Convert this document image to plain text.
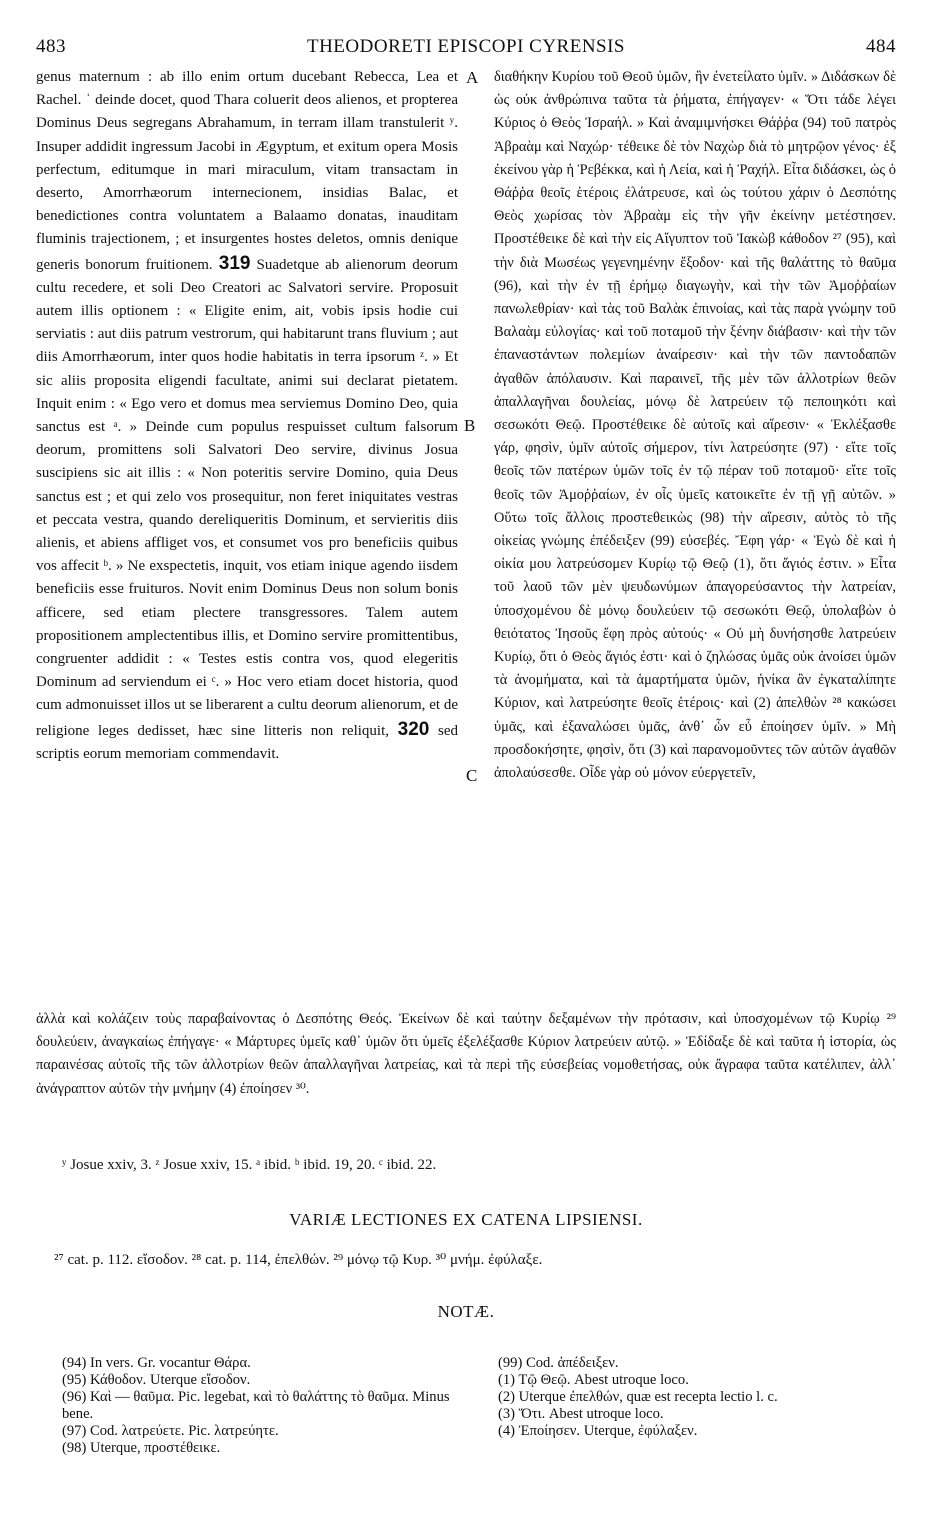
483	THEODORETI EPISCOPI CYRENSIS	484
genus maternum : ab illo enim ortum ducebant Rebecca, Lea et Rachel. ˈ deinde docet, quod Thara coluerit deos alienos, et propterea Dominus Deus segregans Abrahamum, in terram illam transtulerit ʸ. Insuper addidit ingressum Jacobi in Ægyptum, et exitum opera Mosis perfectum, editumque in mari miraculum, vitam transactam in deserto, Amorrhæorum internecionem, insidias Balac, et benedictiones contra voluntatem a Balaamo donatas, inauditam fluminis trajectionem, ; et insurgentes hostes deletos, omnis denique generis bonorum fruitionem. 319 Suadetque ab alienorum deorum cultu recedere, et soli Deo Creatori ac Salvatori servire. Proposuit autem illis optionem : « Eligite enim, ait, vobis ipsis hodie cui serviatis : aut diis patrum vestrorum, qui habitarunt trans fluvium ; aut diis Amorrhæorum, inter quos hodie habitatis in terra ipsorum ᶻ. » Et sic aliis proposita eligendi facultate, animi sui declarat pietatem. Inquit enim : « Ego vero et domus mea serviemus Domino Deo, quia sanctus est ᵃ. » Deinde cum populus respuisset cultum falsorum deorum, promittens soli Salvatori Deo servire, divinus Josua suscipiens sic ait illis : « Non poteritis servire Domino, quia Deus sanctus est ; et qui zelo vos prosequitur, non feret iniquitates vestras et peccata vestra, quando dereliqueritis Dominum, et servieritis diis alienis, et abiens affliget vos, et consumet vos pro beneficiis quibus vos affecit ᵇ. » Ne exspectetis, inquit, vos etiam inique agendo iisdem beneficiis esse fruituros. Novit enim Dominus Deus non solum bonis afficere, sed etiam plectere transgressores. Talem autem propositionem amplectentibus illis, et Domino servire promittentibus, congruenter addidit : « Testes estis contra vos, quod elegeritis Dominum ad serviendum ei ᶜ. » Hoc vero etiam docet historia, quod cum admonuisset illos ut se liberarent a cultu deorum alienorum, et de religione leges dedisset, hæc sine litteris non reliquit, 320 sed scriptis eorum memoriam commendavit.
A
B
C
διαθήκην Κυρίου τοῦ Θεοῦ ὑμῶν, ἣν ἐνετείλατο ὑμῖν. » Διδάσκων δὲ ὡς οὐκ ἀνθρώπινα ταῦτα τὰ ῥήματα, ἐπήγαγεν· « Ὅτι τάδε λέγει Κύριος ὁ Θεὸς Ἰσραήλ. » Καὶ ἀναμιμνήσκει Θάῤῥα (94) τοῦ πατρὸς Ἀβραὰμ καὶ Ναχώρ· τέθεικε δὲ τὸν Ναχὼρ διὰ τὸ μητρῷον γένος· ἐξ ἐκείνου γὰρ ἡ Ῥεβέκκα, καὶ ἡ Λεία, καὶ ἡ Ῥαχήλ. Εἶτα διδάσκει, ὡς ὁ Θάῤῥα θεοῖς ἑτέροις ἐλάτρευσε, καὶ ὡς τούτου χάριν ὁ Δεσπότης Θεὸς χωρίσας τὸν Ἀβραὰμ εἰς τὴν γῆν ἐκείνην μετέστησεν. Προστέθεικε δὲ καὶ τὴν εἰς Αἴγυπτον τοῦ Ἰακὼβ κάθοδον ²⁷ (95), καὶ τὴν διὰ Μωσέως γεγενημένην ἔξοδον· καὶ τῆς θαλάττης τὸ θαῦμα (96), καὶ τὴν ἐν τῇ ἐρήμῳ διαγωγὴν, καὶ τὴν τῶν Ἀμοῤῥαίων πανωλεθρίαν· καὶ τὰς τοῦ Βαλὰκ ἐπινοίας, καὶ τὰς παρὰ γνώμην τοῦ Βαλαὰμ εὐλογίας· καὶ τοῦ ποταμοῦ τὴν ξένην διάβασιν· καὶ τὴν τῶν ἐπαναστάντων πολεμίων ἀναίρεσιν· καὶ τὴν τῶν παντοδαπῶν ἀγαθῶν ἀπόλαυσιν. Καὶ παραινεῖ, τῆς μὲν τῶν ἀλλοτρίων θεῶν ἀπαλλαγῆναι δουλείας, μόνῳ δὲ λατρεύειν τῷ πεποιηκότι καὶ σεσωκότι Θεῷ. Προστέθεικε δὲ αὐτοῖς καὶ αἵρεσιν· « Ἐκλέξασθε γάρ, φησὶν, ὑμῖν αὐτοῖς σήμερον, τίνι λατρεύσητε (97) · εἴτε τοῖς θεοῖς τῶν πατέρων ὑμῶν τοῖς ἐν τῷ πέραν τοῦ ποταμοῦ· εἴτε τοῖς θεοῖς τῶν Ἀμοῤῥαίων, ἐν οἷς ὑμεῖς κατοικεῖτε ἐν τῇ γῇ αὐτῶν. » Οὕτω τοῖς ἄλλοις προστεθεικὼς (98) τὴν αἵρεσιν, αὐτὸς τὸ τῆς οἰκείας γνώμης ἐπέδειξεν (99) εὐσεβές. Ἔφη γάρ· « Ἐγὼ δὲ καὶ ἡ οἰκία μου λατρεύσομεν Κυρίῳ τῷ Θεῷ (1), ὅτι ἅγιός ἐστιν. » Εἶτα τοῦ λαοῦ τῶν μὲν ψευδωνύμων ἀπαγορεύσαντος τὴν λατρείαν, ὑποσχομένου δὲ μόνῳ δουλεύειν τῷ σεσωκότι Θεῷ, ὑπολαβὼν ὁ θειότατος Ἰησοῦς ἔφη πρὸς αὐτούς· « Οὐ μὴ δυνήσησθε λατρεύειν Κυρίῳ, ὅτι ὁ Θεὸς ἅγιός ἐστι· καὶ ὁ ζηλώσας ὑμᾶς οὐκ ἀνοίσει ὑμῶν τὰ ἀνομήματα, καὶ τὰ ἁμαρτήματα ὑμῶν, ἡνίκα ἂν ἐγκαταλίπητε Κύριον, καὶ λατρεύσητε θεοῖς ἑτέροις· καὶ (2) ἀπελθὼν ²⁸ κακώσει ὑμᾶς, καὶ ἐξαναλώσει ὑμᾶς, ἀνθ᾽ ὧν εὖ ἐποίησεν ὑμῖν. » Μὴ προσδοκήσητε, φησὶν, ὅτι (3) καὶ παρανομοῦντες τῶν αὐτῶν ἀγαθῶν ἀπολαύσεσθε. Οἶδε γὰρ οὐ μόνον εὐεργετεῖν,
ἀλλὰ καὶ κολάζειν τοὺς παραβαίνοντας ὁ Δεσπότης Θεός. Ἐκείνων δὲ καὶ ταύτην δεξαμένων τὴν πρότασιν, καὶ ὑποσχομένων τῷ Κυρίῳ ²⁹ δουλεύειν, ἀναγκαίως ἐπήγαγε· « Μάρτυρες ὑμεῖς καθ᾽ ὑμῶν ὅτι ὑμεῖς ἐξελέξασθε Κύριον λατρεύειν αὐτῷ. » Ἐδίδαξε δὲ καὶ ταῦτα ἡ ἱστορία, ὡς παραινέσας αὐτοῖς τῆς τῶν ἀλλοτρίων θεῶν ἀπαλλαγῆναι λατρείας, καὶ τὰ περὶ τῆς εὐσεβείας νομοθετήσας, οὐκ ἄγραφα ταῦτα κατέλιπεν, ἀλλ᾽ ἀνάγραπτον αὐτῶν τὴν μνήμην (4) ἐποίησεν ³⁰.
ʸ Josue xxiv, 3. ᶻ Josue xxiv, 15. ᵃ ibid. ᵇ ibid. 19, 20. ᶜ ibid. 22.
VARIÆ LECTIONES EX CATENA LIPSIENSI.
²⁷ cat. p. 112. εἴσοδον. ²⁸ cat. p. 114, ἐπελθών. ²⁹ μόνῳ τῷ Κυρ. ³⁰ μνήμ. ἐφύλαξε.
NOTÆ.
(94) In vers. Gr. vocantur Θάρα.
(95) Κάθοδον. Uterque εἴσοδον.
(96) Καὶ — θαῦμα. Pic. legebat, καὶ τὸ θαλάττης τὸ θαῦμα. Minus bene.
(97) Cod. λατρεύετε. Pic. λατρεύητε.
(98) Uterque, προστέθεικε.
(99) Cod. ἀπέδειξεν.
(1) Τῷ Θεῷ. Abest utroque loco.
(2) Uterque ἐπελθών, quæ est recepta lectio l. c.
(3) Ὅτι. Abest utroque loco.
(4) Ἐποίησεν. Uterque, ἐφύλαξεν.
